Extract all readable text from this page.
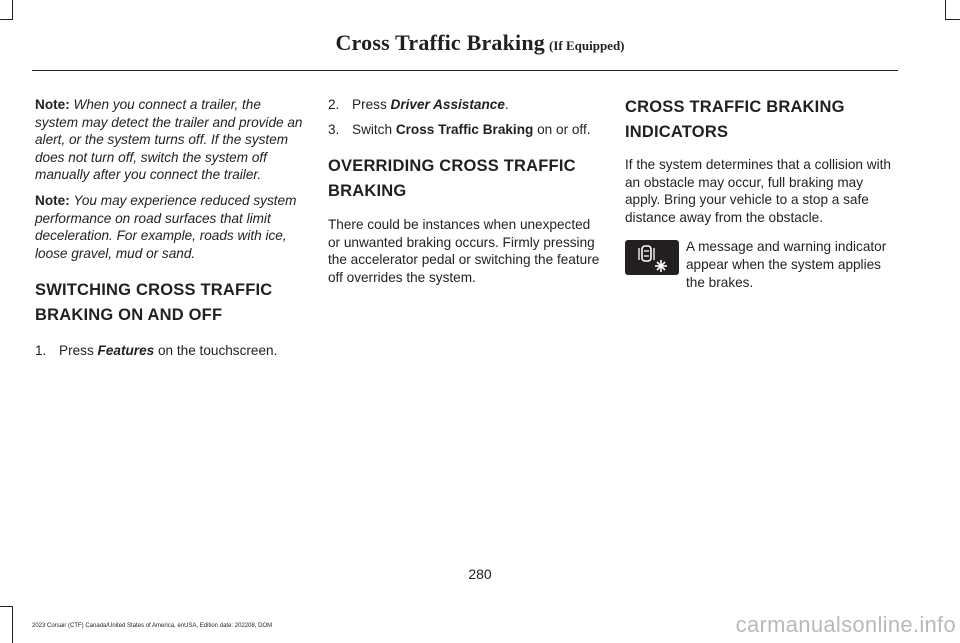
Cross Traffic Braking (If Equipped)

Note: When you connect a trailer, the system may detect the trailer and provide an alert, or the system turns off. If the system does not turn off, switch the system off manually after you connect the trailer.

Note: You may experience reduced system performance on road surfaces that limit deceleration. For example, roads with ice, loose gravel, mud or sand.

SWITCHING CROSS TRAFFIC
BRAKING ON AND OFF
1. Press Features on the touchscreen.
2. Press Driver Assistance.
3. Switch Cross Traffic Braking on or off.
OVERRIDING CROSS TRAFFIC
BRAKING

There could be instances when unexpected or unwanted braking occurs. Firmly pressing the accelerator pedal or switching the feature off overrides the system.

CROSS TRAFFIC BRAKING
INDICATORS

If the system determines that a collision with an obstacle may occur, full braking may apply. Bring your vehicle to a stop a safe distance away from the obstacle.

A message and warning indicator appear when the system applies the brakes.
280
2023 Corsair (CTF) Canada/United States of America, enUSA, Edition date: 202208, DOM	carmanualsonline.info
